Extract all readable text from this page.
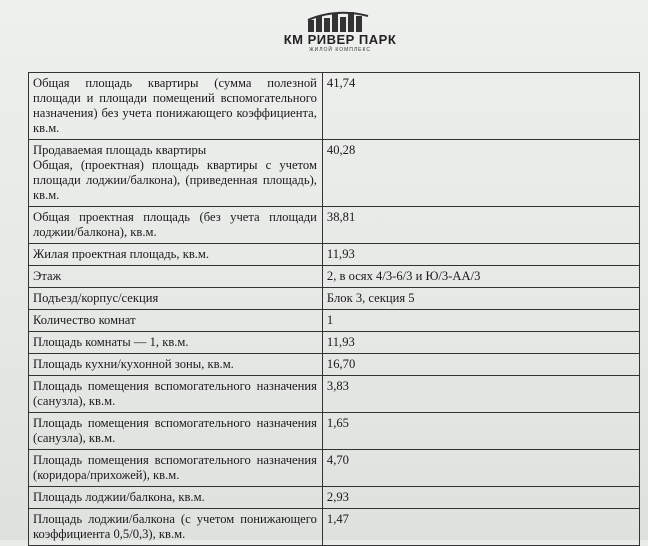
КМ РИВЕР ПАРК
ЖИЛОЙ КОМПЛЕКС
Общая площадь квартиры (сумма полезной площади и площади помещений вспомогательного назначения) без учета понижающего коэффициента, кв.м.	41,74

Продаваемая площадь квартиры
Общая, (проектная) площадь квартиры с учетом площади лоджии/балкона), (приведенная площадь), кв.м.	40,28
Общая проектная площадь (без учета площади лоджии/балкона), кв.м.	38,81
Жилая проектная площадь, кв.м.	11,93
Этаж	2, в осях 4/3-6/3 и Ю/3-АА/3
Подъезд/корпус/секция	Блок 3, секция 5
Количество комнат	1
Площадь комнаты — 1, кв.м.	11,93
Площадь кухни/кухонной зоны, кв.м.	16,70
Площадь помещения вспомогательного назначения (санузла), кв.м.	3,83
Площадь помещения вспомогательного назначения (санузла), кв.м.	1,65
Площадь помещения вспомогательного назначения (коридора/прихожей), кв.м.	4,70
Площадь лоджии/балкона, кв.м.	2,93
Площадь лоджии/балкона (с учетом понижающего коэффициента 0,5/0,3), кв.м.	1,47
